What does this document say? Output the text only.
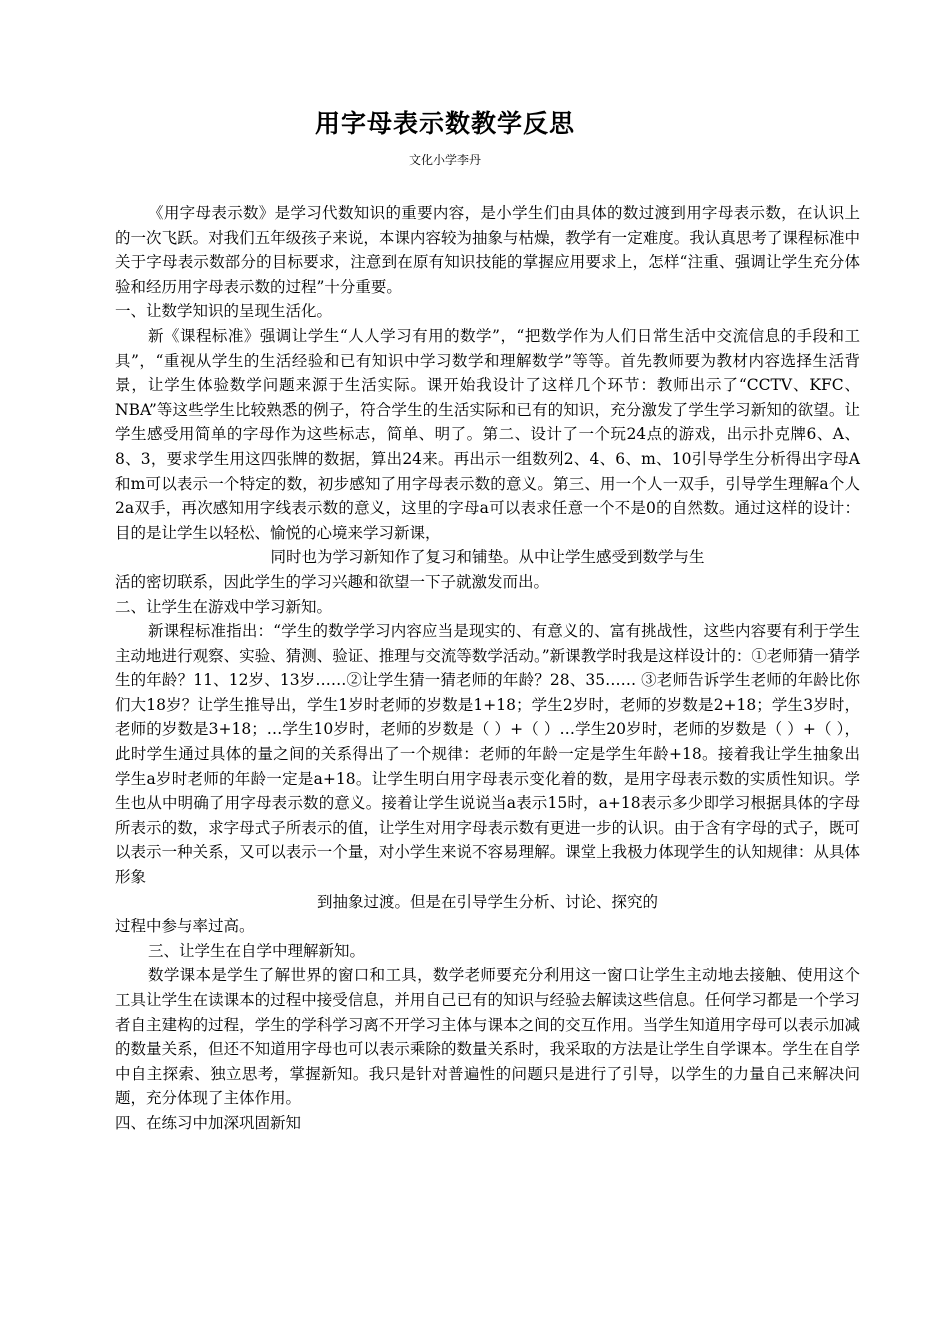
用字母表示数教学反思
文化小学李丹

《用字母表示数》是学习代数知识的重要内容，是小学生们由具体的数过渡到用字母表示数，在认识上的一次飞跃。对我们五年级孩子来说，本课内容较为抽象与枯燥，教学有一定难度。我认真思考了课程标准中关于字母表示数部分的目标要求，注意到在原有知识技能的掌握应用要求上，怎样“注重、强调让学生充分体验和经历用字母表示数的过程”十分重要。

一、让数学知识的呈现生活化。

新《课程标准》强调让学生“人人学习有用的数学”，“把数学作为人们日常生活中交流信息的手段和工具”，“重视从学生的生活经验和已有知识中学习数学和理解数学”等等。首先教师要为教材内容选择生活背景，让学生体验数学问题来源于生活实际。课开始我设计了这样几个环节：教师出示了“CCTV、KFC、NBA”等这些学生比较熟悉的例子，符合学生的生活实际和已有的知识，充分激发了学生学习新知的欲望。让学生感受用简单的字母作为这些标志，简单、明了。第二、设计了一个玩24点的游戏，出示扑克牌6、A、8、3，要求学生用这四张牌的数据，算出24来。再出示一组数列2、4、6、m、10引导学生分析得出字母A和m可以表示一个特定的数，初步感知了用字母表示数的意义。第三、用一个人一双手，引导学生理解a个人2a双手，再次感知用字线表示数的意义，这里的字母a可以表求任意一个不是0的自然数。通过这样的设计：目的是让学生以轻松、愉悦的心境来学习新课，

同时也为学习新知作了复习和铺垫。从中让学生感受到数学与生

活的密切联系，因此学生的学习兴趣和欲望一下子就激发而出。

二、让学生在游戏中学习新知。

新课程标准指出：“学生的数学学习内容应当是现实的、有意义的、富有挑战性，这些内容要有利于学生主动地进行观察、实验、猜测、验证、推理与交流等数学活动。”新课教学时我是这样设计的：①老师猜一猜学生的年龄？11、12岁、13岁……②让学生猜一猜老师的年龄？28、35…… ③老师告诉学生老师的年龄比你们大18岁？让学生推导出，学生1岁时老师的岁数是1+18；学生2岁时，老师的岁数是2+18；学生3岁时，老师的岁数是3+18；…学生10岁时，老师的岁数是（ ）+（ ）…学生20岁时，老师的岁数是（ ）+（ ），此时学生通过具体的量之间的关系得出了一个规律：老师的年龄一定是学生年龄+18。接着我让学生抽象出学生a岁时老师的年龄一定是a+18。让学生明白用字母表示变化着的数，是用字母表示数的实质性知识。学生也从中明确了用字母表示数的意义。接着让学生说说当a表示15时，a+18表示多少即学习根据具体的字母所表示的数，求字母式子所表示的值，让学生对用字母表示数有更进一步的认识。由于含有字母的式子，既可以表示一种关系，又可以表示一个量，对小学生来说不容易理解。课堂上我极力体现学生的认知规律：从具体形象

到抽象过渡。但是在引导学生分析、讨论、探究的

过程中参与率过高。

三、让学生在自学中理解新知。

数学课本是学生了解世界的窗口和工具，数学老师要充分利用这一窗口让学生主动地去接触、使用这个工具让学生在读课本的过程中接受信息，并用自己已有的知识与经验去解读这些信息。任何学习都是一个学习者自主建构的过程，学生的学科学习离不开学习主体与课本之间的交互作用。当学生知道用字母可以表示加减的数量关系，但还不知道用字母也可以表示乘除的数量关系时，我采取的方法是让学生自学课本。学生在自学中自主探索、独立思考，掌握新知。我只是针对普遍性的问题只是进行了引导，以学生的力量自己来解决问题，充分体现了主体作用。

四、在练习中加深巩固新知
